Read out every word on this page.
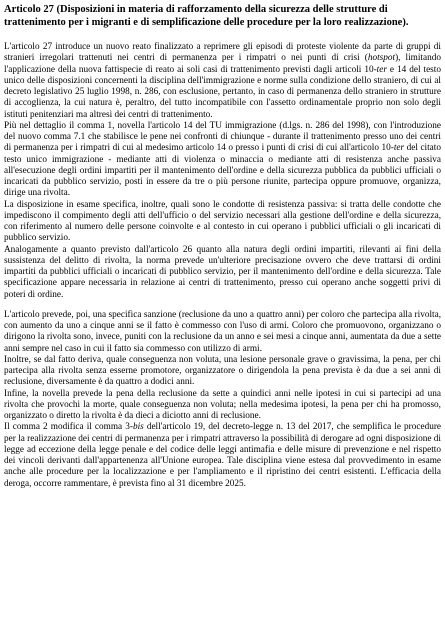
Articolo 27 (Disposizioni in materia di rafforzamento della sicurezza delle strutture di trattenimento per i migranti e di semplificazione delle procedure per la loro realizzazione).

L'articolo 27 introduce un nuovo reato finalizzato a reprimere gli episodi di proteste violente da parte di gruppi di stranieri irregolari trattenuti nei centri di permanenza per i rimpatri o nei punti di crisi (hotspot), limitando l'applicazione della nuova fattispecie di reato ai soli casi di trattenimento previsti dagli articoli 10-ter e 14 del testo unico delle disposizioni concernenti la disciplina dell'immigrazione e norme sulla condizione dello straniero, di cui al decreto legislativo 25 luglio 1998, n. 286, con esclusione, pertanto, in caso di permanenza dello straniero in strutture di accoglienza, la cui natura è, peraltro, del tutto incompatibile con l'assetto ordinamentale proprio non solo degli istituti penitenziari ma altresì dei centri di trattenimento.

Più nel dettaglio il comma 1, novella l'articolo 14 del TU immigrazione (d.lgs. n. 286 del 1998), con l'introduzione del nuovo comma 7.1 che stabilisce le pene nei confronti di chiunque - durante il trattenimento presso uno dei centri di permanenza per i rimpatri di cui al medesimo articolo 14 o presso i punti di crisi di cui all'articolo 10-ter del citato testo unico immigrazione - mediante atti di violenza o minaccia o mediante atti di resistenza anche passiva all'esecuzione degli ordini impartiti per il mantenimento dell'ordine e della sicurezza pubblica da pubblici ufficiali o incaricati da pubblico servizio, posti in essere da tre o più persone riunite, partecipa oppure promuove, organizza, dirige una rivolta.

La disposizione in esame specifica, inoltre, quali sono le condotte di resistenza passiva: si tratta delle condotte che impediscono il compimento degli atti dell'ufficio o del servizio necessari alla gestione dell'ordine e della sicurezza, con riferimento al numero delle persone coinvolte e al contesto in cui operano i pubblici ufficiali o gli incaricati di pubblico servizio.

Analogamente a quanto previsto dall'articolo 26 quanto alla natura degli ordini impartiti, rilevanti ai fini della sussistenza del delitto di rivolta, la norma prevede un'ulteriore precisazione ovvero che deve trattarsi di ordini impartiti da pubblici ufficiali o incaricati di pubblico servizio, per il mantenimento dell'ordine e della sicurezza. Tale specificazione appare necessaria in relazione ai centri di trattenimento, presso cui operano anche soggetti privi di poteri di ordine.

L'articolo prevede, poi, una specifica sanzione (reclusione da uno a quattro anni) per coloro che partecipa alla rivolta, con aumento da uno a cinque anni se il fatto è commesso con l'uso di armi. Coloro che promuovono, organizzano o dirigono la rivolta sono, invece, puniti con la reclusione da un anno e sei mesi a cinque anni, aumentata da due a sette anni sempre nel caso in cui il fatto sia commesso con utilizzo di armi.

Inoltre, se dal fatto deriva, quale conseguenza non voluta, una lesione personale grave o gravissima, la pena, per chi partecipa alla rivolta senza esserne promotore, organizzatore o dirigendola la pena prevista è da due a sei anni di reclusione, diversamente è da quattro a dodici anni.

Infine, la novella prevede la pena della reclusione da sette a quindici anni nelle ipotesi in cui si partecipi ad una rivolta che provochi la morte, quale conseguenza non voluta; nella medesima ipotesi, la pena per chi ha promosso, organizzato o diretto la rivolta è da dieci a diciotto anni di reclusione.

Il comma 2 modifica il comma 3-bis dell'articolo 19, del decreto-legge n. 13 del 2017, che semplifica le procedure per la realizzazione dei centri di permanenza per i rimpatri attraverso la possibilità di derogare ad ogni disposizione di legge ad eccezione della legge penale e del codice delle leggi antimafia e delle misure di prevenzione e nel rispetto dei vincoli derivanti dall'appartenenza all'Unione europea. Tale disciplina viene estesa dal provvedimento in esame anche alle procedure per la localizzazione e per l'ampliamento e il ripristino dei centri esistenti. L'efficacia della deroga, occorre rammentare, è prevista fino al 31 dicembre 2025.
